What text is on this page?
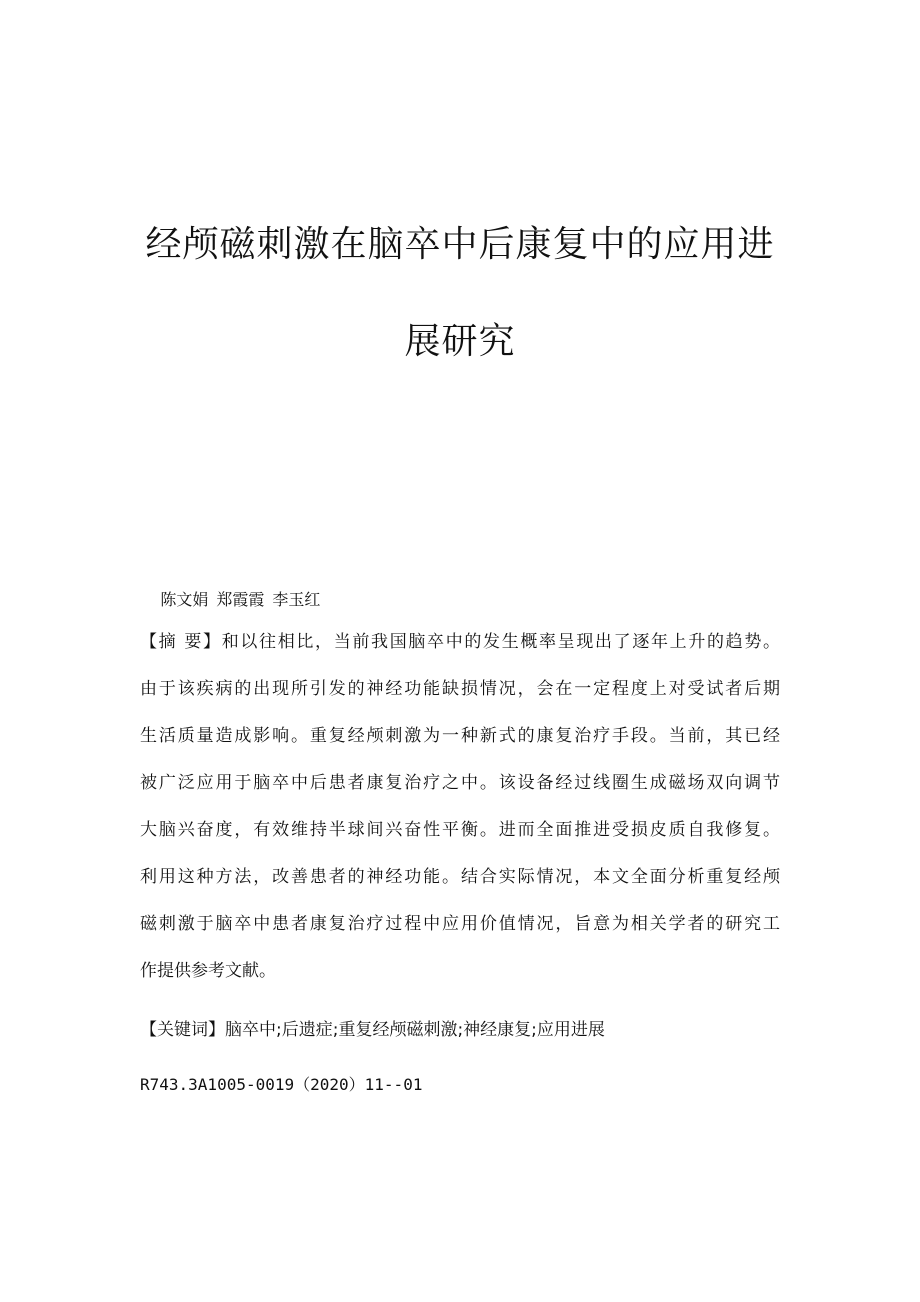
经颅磁刺激在脑卒中后康复中的应用进
展研究

陈文娟 郑霞霞 李玉红

【摘 要】和以往相比，当前我国脑卒中的发生概率呈现出了逐年上升的趋势。
由于该疾病的出现所引发的神经功能缺损情况，会在一定程度上对受试者后期
生活质量造成影响。重复经颅刺激为一种新式的康复治疗手段。当前，其已经
被广泛应用于脑卒中后患者康复治疗之中。该设备经过线圈生成磁场双向调节
大脑兴奋度，有效维持半球间兴奋性平衡。进而全面推进受损皮质自我修复。
利用这种方法，改善患者的神经功能。结合实际情况，本文全面分析重复经颅
磁刺激于脑卒中患者康复治疗过程中应用价值情况，旨意为相关学者的研究工
作提供参考文献。
【关键词】脑卒中;后遗症;重复经颅磁刺激;神经康复;应用进展
R743.3A1005-0019（2020）11--01
